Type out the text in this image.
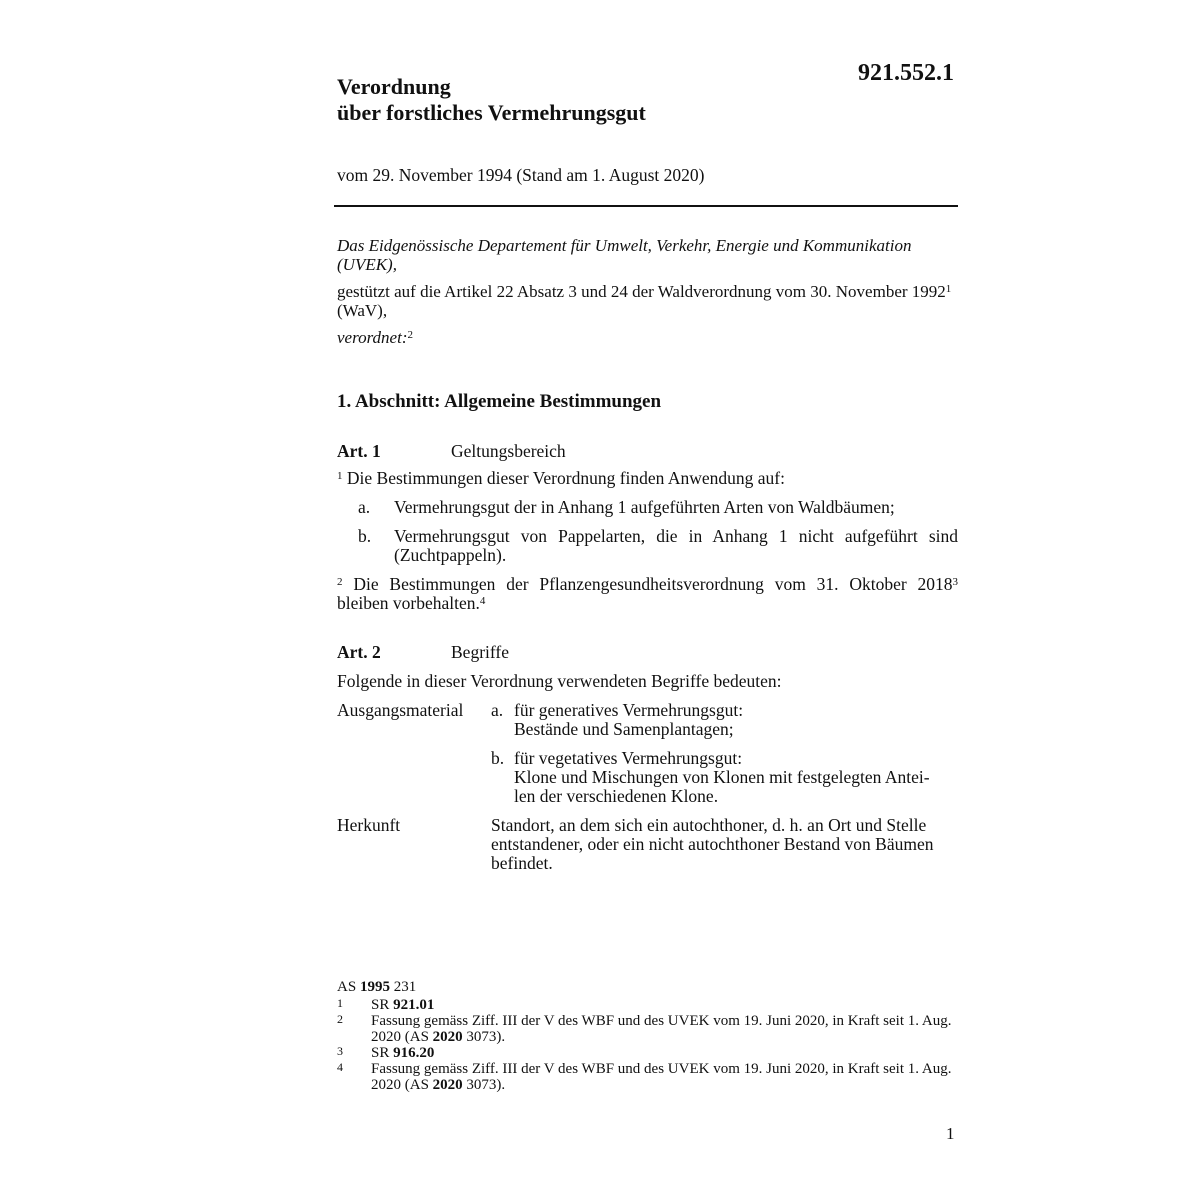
921.552.1
Verordnung
über forstliches Vermehrungsgut
vom 29. November 1994 (Stand am 1. August 2020)

Das Eidgenössische Departement für Umwelt, Verkehr, Energie und Kommunikation (UVEK),

gestützt auf die Artikel 22 Absatz 3 und 24 der Waldverordnung vom 30. November 1992$^1$ (WaV),

verordnet:$^2$

1. Abschnitt: Allgemeine Bestimmungen
Art. 1	Geltungsbereich

$^1$ Die Bestimmungen dieser Verordnung finden Anwendung auf:

a. Vermehrungsgut der in Anhang 1 aufgeführten Arten von Waldbäumen;
b. Vermehrungsgut von Pappelarten, die in Anhang 1 nicht aufgeführt sind (Zuchtpappeln).

$^2$ Die Bestimmungen der Pflanzengesundheitsverordnung vom 31. Oktober 2018$^3$ bleiben vorbehalten.$^4$

Art. 2	Begriffe

Folgende in dieser Verordnung verwendeten Begriffe bedeuten:

Ausgangsmaterial a. für generatives Vermehrungsgut:
Bestände und Samenplantagen;
b. für vegetatives Vermehrungsgut:
Klone und Mischungen von Klonen mit festgelegten Antei-
len der verschiedenen Klone.
Herkunft	Standort, an dem sich ein autochthoner, d. h. an Ort und Stelle entstandener, oder ein nicht autochthoner Bestand von Bäumen befindet.
AS 1995 231
1 SR 921.01
2 Fassung gemäss Ziff. III der V des WBF und des UVEK vom 19. Juni 2020, in Kraft seit 1. Aug. 2020 (AS 2020 3073).
3 SR 916.20
4 Fassung gemäss Ziff. III der V des WBF und des UVEK vom 19. Juni 2020, in Kraft seit 1. Aug. 2020 (AS 2020 3073).
1
